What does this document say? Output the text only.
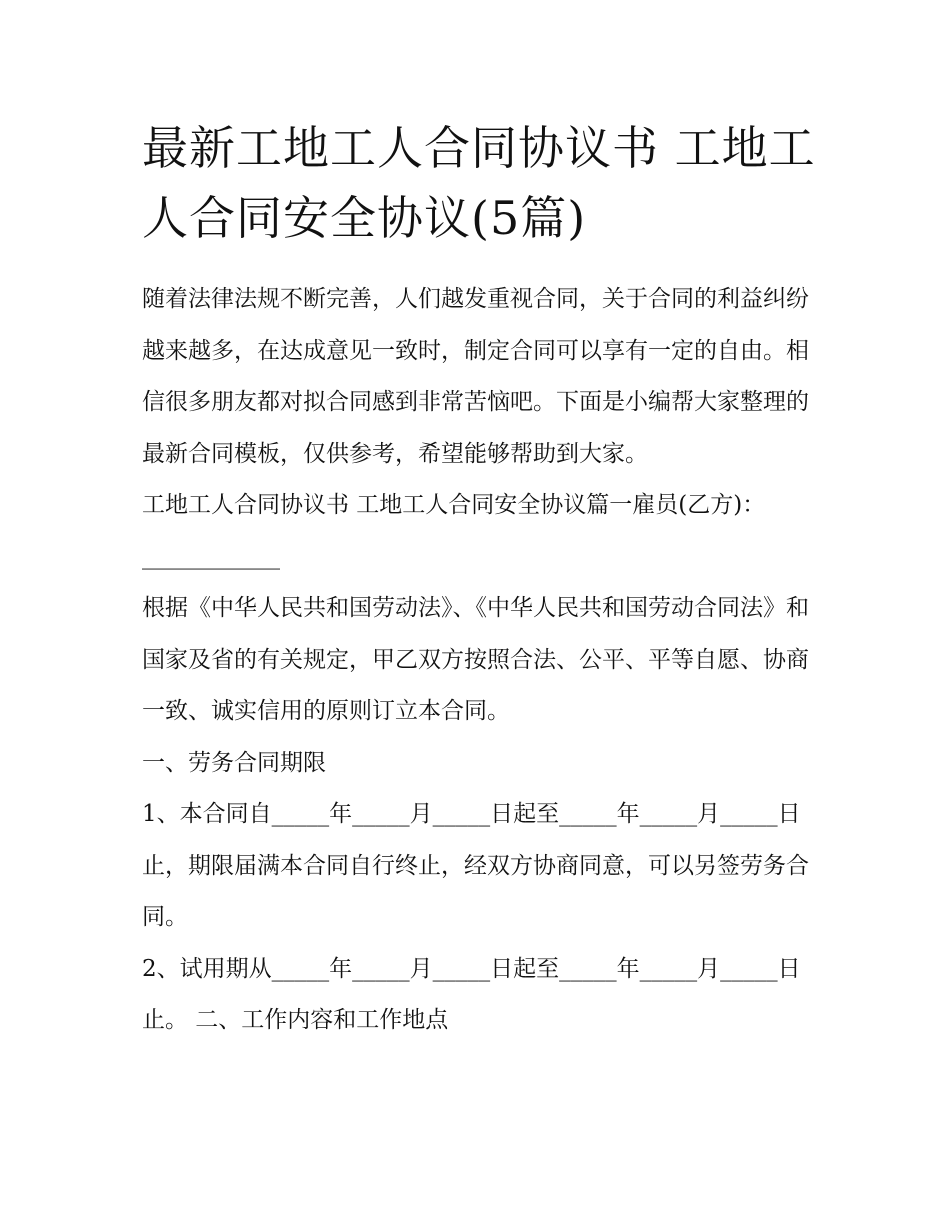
最新工地工人合同协议书 工地工人合同安全协议(5篇)

随着法律法规不断完善，人们越发重视合同，关于合同的利益纠纷越来越多，在达成意见一致时，制定合同可以享有一定的自由。相信很多朋友都对拟合同感到非常苦恼吧。下面是小编帮大家整理的最新合同模板，仅供参考，希望能够帮助到大家。

工地工人合同协议书 工地工人合同安全协议篇一雇员(乙方)：____________

根据《中华人民共和国劳动法》、《中华人民共和国劳动合同法》和国家及省的有关规定，甲乙双方按照合法、公平、平等自愿、协商一致、诚实信用的原则订立本合同。

一、劳务合同期限

1、本合同自_____年_____月_____日起至_____年_____月_____日止，期限届满本合同自行终止，经双方协商同意，可以另签劳务合同。

2、试用期从_____年_____月_____日起至_____年_____月_____日止。 二、工作内容和工作地点
